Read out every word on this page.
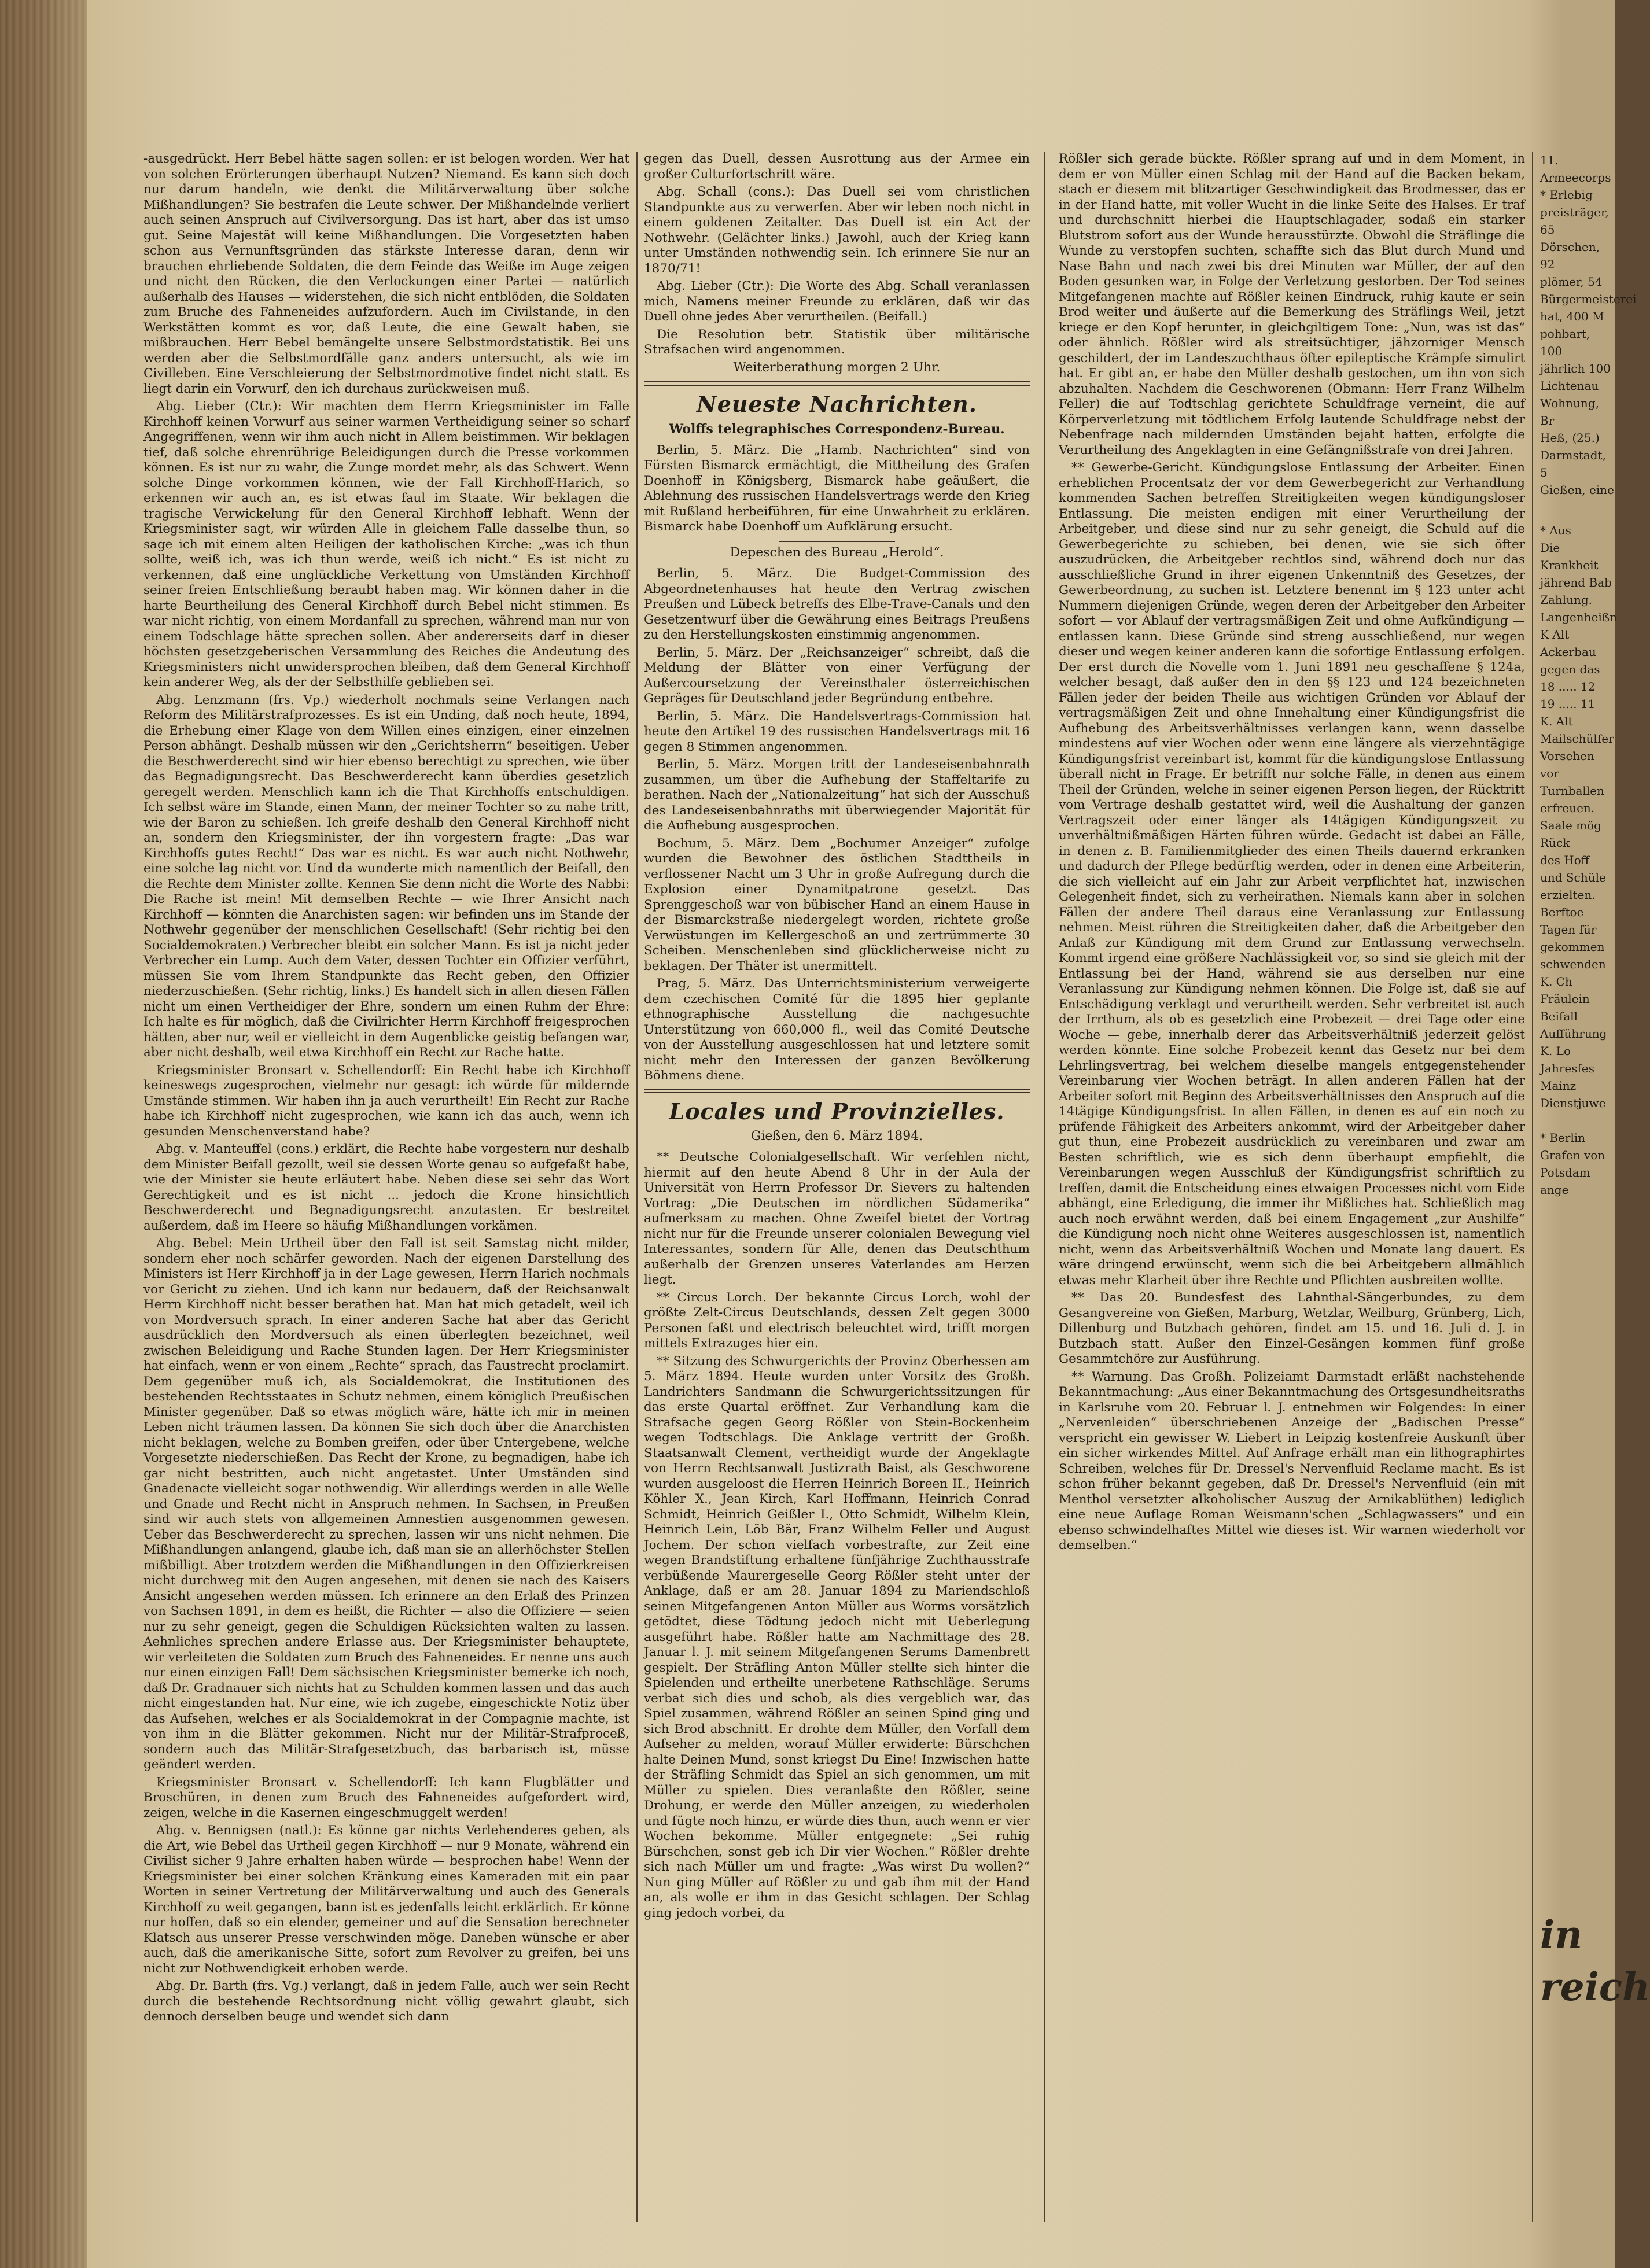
-ausgedrückt. Herr Bebel hätte sagen sollen: er ist belogen worden. Wer hat von solchen Erörterungen überhaupt Nutzen? Niemand. Es kann sich doch nur darum handeln, wie denkt die Militärverwaltung über solche Mißhandlungen? Sie bestrafen die Leute schwer. Der Mißhandelnde verliert auch seinen Anspruch auf Civilversorgung. Das ist hart, aber das ist umso gut. Seine Majestät will keine Mißhandlungen. Die Vorgesetzten haben schon aus Vernunftsgründen das stärkste Interesse daran, denn wir brauchen ehrliebende Soldaten, die dem Feinde das Weiße im Auge zeigen und nicht den Rücken, die den Verlockungen einer Partei — natürlich außerhalb des Hauses — widerstehen, die sich nicht entblöden, die Soldaten zum Bruche des Fahneneides aufzufordern. Auch im Civilstande, in den Werkstätten kommt es vor, daß Leute, die eine Gewalt haben, sie mißbrauchen. Herr Bebel bemängelte unsere Selbstmordstatistik. Bei uns werden aber die Selbstmordfälle ganz anders untersucht, als wie im Civilleben. Eine Verschleierung der Selbstmordmotive findet nicht statt. Es liegt darin ein Vorwurf, den ich durchaus zurückweisen muß.

Abg. Lieber (Ctr.): Wir machten dem Herrn Kriegsminister im Falle Kirchhoff keinen Vorwurf aus seiner warmen Vertheidigung seiner so scharf Angegriffenen, wenn wir ihm auch nicht in Allem beistimmen. Wir beklagen tief, daß solche ehrenrührige Beleidigungen durch die Presse vorkommen können. Es ist nur zu wahr, die Zunge mordet mehr, als das Schwert. Wenn solche Dinge vorkommen können, wie der Fall Kirchhoff-Harich, so erkennen wir auch an, es ist etwas faul im Staate. Wir beklagen die tragische Verwickelung für den General Kirchhoff lebhaft. Wenn der Kriegsminister sagt, wir würden Alle in gleichem Falle dasselbe thun, so sage ich mit einem alten Heiligen der katholischen Kirche: „was ich thun sollte, weiß ich, was ich thun werde, weiß ich nicht.“ Es ist nicht zu verkennen, daß eine unglückliche Verkettung von Umständen Kirchhoff seiner freien Entschließung beraubt haben mag. Wir können daher in die harte Beurtheilung des General Kirchhoff durch Bebel nicht stimmen. Es war nicht richtig, von einem Mordanfall zu sprechen, während man nur von einem Todschlage hätte sprechen sollen. Aber andererseits darf in dieser höchsten gesetzgeberischen Versammlung des Reiches die Andeutung des Kriegsministers nicht unwidersprochen bleiben, daß dem General Kirchhoff kein anderer Weg, als der der Selbsthilfe geblieben sei.

Abg. Lenzmann (frs. Vp.) wiederholt nochmals seine Verlangen nach Reform des Militärstrafprozesses. Es ist ein Unding, daß noch heute, 1894, die Erhebung einer Klage von dem Willen eines einzigen, einer einzelnen Person abhängt. Deshalb müssen wir den „Gerichtsherrn“ beseitigen. Ueber die Beschwerderecht sind wir hier ebenso berechtigt zu sprechen, wie über das Begnadigungsrecht. Das Beschwerderecht kann überdies gesetzlich geregelt werden. Menschlich kann ich die That Kirchhoffs entschuldigen. Ich selbst wäre im Stande, einen Mann, der meiner Tochter so zu nahe tritt, wie der Baron zu schießen. Ich greife deshalb den General Kirchhoff nicht an, sondern den Kriegsminister, der ihn vorgestern fragte: „Das war Kirchhoffs gutes Recht!“ Das war es nicht. Es war auch nicht Nothwehr, eine solche lag nicht vor. Und da wunderte mich namentlich der Beifall, den die Rechte dem Minister zollte. Kennen Sie denn nicht die Worte des Nabbi: Die Rache ist mein! Mit demselben Rechte — wie Ihrer Ansicht nach Kirchhoff — könnten die Anarchisten sagen: wir befinden uns im Stande der Nothwehr gegenüber der menschlichen Gesellschaft! (Sehr richtig bei den Socialdemokraten.) Verbrecher bleibt ein solcher Mann. Es ist ja nicht jeder Verbrecher ein Lump. Auch dem Vater, dessen Tochter ein Offizier verführt, müssen Sie vom Ihrem Standpunkte das Recht geben, den Offizier niederzuschießen. (Sehr richtig, links.) Es handelt sich in allen diesen Fällen nicht um einen Vertheidiger der Ehre, sondern um einen Ruhm der Ehre: Ich halte es für möglich, daß die Civilrichter Herrn Kirchhoff freigesprochen hätten, aber nur, weil er vielleicht in dem Augenblicke geistig befangen war, aber nicht deshalb, weil etwa Kirchhoff ein Recht zur Rache hatte.

Kriegsminister Bronsart v. Schellendorff: Ein Recht habe ich Kirchhoff keineswegs zugesprochen, vielmehr nur gesagt: ich würde für mildernde Umstände stimmen. Wir haben ihn ja auch verurtheilt! Ein Recht zur Rache habe ich Kirchhoff nicht zugesprochen, wie kann ich das auch, wenn ich gesunden Menschenverstand habe?

Abg. v. Manteuffel (cons.) erklärt, die Rechte habe vorgestern nur deshalb dem Minister Beifall gezollt, weil sie dessen Worte genau so aufgefaßt habe, wie der Minister sie heute erläutert habe. Neben diese sei sehr das Wort Gerechtigkeit und es ist nicht ... jedoch die Krone hinsichtlich Beschwerderecht und Begnadigungsrecht anzutasten. Er bestreitet außerdem, daß im Heere so häufig Mißhandlungen vorkämen.

Abg. Bebel: Mein Urtheil über den Fall ist seit Samstag nicht milder, sondern eher noch schärfer geworden. Nach der eigenen Darstellung des Ministers ist Herr Kirchhoff ja in der Lage gewesen, Herrn Harich nochmals vor Gericht zu ziehen. Und ich kann nur bedauern, daß der Reichsanwalt Herrn Kirchhoff nicht besser berathen hat. Man hat mich getadelt, weil ich von Mordversuch sprach. In einer anderen Sache hat aber das Gericht ausdrücklich den Mordversuch als einen überlegten bezeichnet, weil zwischen Beleidigung und Rache Stunden lagen. Der Herr Kriegsminister hat einfach, wenn er von einem „Rechte“ sprach, das Faustrecht proclamirt. Dem gegenüber muß ich, als Socialdemokrat, die Institutionen des bestehenden Rechtsstaates in Schutz nehmen, einem königlich Preußischen Minister gegenüber. Daß so etwas möglich wäre, hätte ich mir in meinen Leben nicht träumen lassen. Da können Sie sich doch über die Anarchisten nicht beklagen, welche zu Bomben greifen, oder über Untergebene, welche Vorgesetzte niederschießen. Das Recht der Krone, zu begnadigen, habe ich gar nicht bestritten, auch nicht angetastet. Unter Umständen sind Gnadenacte vielleicht sogar nothwendig. Wir allerdings werden in alle Welle und Gnade und Recht nicht in Anspruch nehmen. In Sachsen, in Preußen sind wir auch stets von allgemeinen Amnestien ausgenommen gewesen. Ueber das Beschwerderecht zu sprechen, lassen wir uns nicht nehmen. Die Mißhandlungen anlangend, glaube ich, daß man sie an allerhöchster Stellen mißbilligt. Aber trotzdem werden die Mißhandlungen in den Offizierkreisen nicht durchweg mit den Augen angesehen, mit denen sie nach des Kaisers Ansicht angesehen werden müssen. Ich erinnere an den Erlaß des Prinzen von Sachsen 1891, in dem es heißt, die Richter — also die Offiziere — seien nur zu sehr geneigt, gegen die Schuldigen Rücksichten walten zu lassen. Aehnliches sprechen andere Erlasse aus. Der Kriegsminister behauptete, wir verleiteten die Soldaten zum Bruch des Fahneneides. Er nenne uns auch nur einen einzigen Fall! Dem sächsischen Kriegsminister bemerke ich noch, daß Dr. Gradnauer sich nichts hat zu Schulden kommen lassen und das auch nicht eingestanden hat. Nur eine, wie ich zugebe, eingeschickte Notiz über das Aufsehen, welches er als Socialdemokrat in der Compagnie machte, ist von ihm in die Blätter gekommen. Nicht nur der Militär-Strafproceß, sondern auch das Militär-Strafgesetzbuch, das barbarisch ist, müsse geändert werden.

Kriegsminister Bronsart v. Schellendorff: Ich kann Flugblätter und Broschüren, in denen zum Bruch des Fahneneides aufgefordert wird, zeigen, welche in die Kasernen eingeschmuggelt werden!

Abg. v. Bennigsen (natl.): Es könne gar nichts Verlehenderes geben, als die Art, wie Bebel das Urtheil gegen Kirchhoff — nur 9 Monate, während ein Civilist sicher 9 Jahre erhalten haben würde — besprochen habe! Wenn der Kriegsminister bei einer solchen Kränkung eines Kameraden mit ein paar Worten in seiner Vertretung der Militärverwaltung und auch des Generals Kirchhoff zu weit gegangen, bann ist es jedenfalls leicht erklärlich. Er könne nur hoffen, daß so ein elender, gemeiner und auf die Sensation berechneter Klatsch aus unserer Presse verschwinden möge. Daneben wünsche er aber auch, daß die amerikanische Sitte, sofort zum Revolver zu greifen, bei uns nicht zur Nothwendigkeit erhoben werde.

Abg. Dr. Barth (frs. Vg.) verlangt, daß in jedem Falle, auch wer sein Recht durch die bestehende Rechtsordnung nicht völlig gewahrt glaubt, sich dennoch derselben beuge und wendet sich dann

gegen das Duell, dessen Ausrottung aus der Armee ein großer Culturfortschritt wäre.

Abg. Schall (cons.): Das Duell sei vom christlichen Standpunkte aus zu verwerfen. Aber wir leben noch nicht in einem goldenen Zeitalter. Das Duell ist ein Act der Nothwehr. (Gelächter links.) Jawohl, auch der Krieg kann unter Umständen nothwendig sein. Ich erinnere Sie nur an 1870/71!

Abg. Lieber (Ctr.): Die Worte des Abg. Schall veranlassen mich, Namens meiner Freunde zu erklären, daß wir das Duell ohne jedes Aber verurtheilen. (Beifall.)

Die Resolution betr. Statistik über militärische Strafsachen wird angenommen.

Weiterberathung morgen 2 Uhr.

Neueste Nachrichten.
Wolffs telegraphisches Correspondenz-Bureau.

Berlin, 5. März. Die „Hamb. Nachrichten“ sind von Fürsten Bismarck ermächtigt, die Mittheilung des Grafen Doenhoff in Königsberg, Bismarck habe geäußert, die Ablehnung des russischen Handelsvertrags werde den Krieg mit Rußland herbeiführen, für eine Unwahrheit zu erklären. Bismarck habe Doenhoff um Aufklärung ersucht.

Depeschen des Bureau „Herold“.

Berlin, 5. März. Die Budget-Commission des Abgeordnetenhauses hat heute den Vertrag zwischen Preußen und Lübeck betreffs des Elbe-Trave-Canals und den Gesetzentwurf über die Gewährung eines Beitrags Preußens zu den Herstellungskosten einstimmig angenommen.

Berlin, 5. März. Der „Reichsanzeiger“ schreibt, daß die Meldung der Blätter von einer Verfügung der Außercoursetzung der Vereinsthaler österreichischen Gepräges für Deutschland jeder Begründung entbehre.

Berlin, 5. März. Die Handelsvertrags-Commission hat heute den Artikel 19 des russischen Handelsvertrags mit 16 gegen 8 Stimmen angenommen.

Berlin, 5. März. Morgen tritt der Landeseisenbahnrath zusammen, um über die Aufhebung der Staffeltarife zu berathen. Nach der „Nationalzeitung“ hat sich der Ausschuß des Landeseisenbahnraths mit überwiegender Majorität für die Aufhebung ausgesprochen.

Bochum, 5. März. Dem „Bochumer Anzeiger“ zufolge wurden die Bewohner des östlichen Stadttheils in verflossener Nacht um 3 Uhr in große Aufregung durch die Explosion einer Dynamitpatrone gesetzt. Das Sprenggeschoß war von bübischer Hand an einem Hause in der Bismarckstraße niedergelegt worden, richtete große Verwüstungen im Kellergeschoß an und zertrümmerte 30 Scheiben. Menschenleben sind glücklicherweise nicht zu beklagen. Der Thäter ist unermittelt.

Prag, 5. März. Das Unterrichtsministerium verweigerte dem czechischen Comité für die 1895 hier geplante ethnographische Ausstellung die nachgesuchte Unterstützung von 660,000 fl., weil das Comité Deutsche von der Ausstellung ausgeschlossen hat und letztere somit nicht mehr den Interessen der ganzen Bevölkerung Böhmens diene.

Locales und Provinzielles.
Gießen, den 6. März 1894.

** Deutsche Colonialgesellschaft. Wir verfehlen nicht, hiermit auf den heute Abend 8 Uhr in der Aula der Universität von Herrn Professor Dr. Sievers zu haltenden Vortrag: „Die Deutschen im nördlichen Südamerika“ aufmerksam zu machen. Ohne Zweifel bietet der Vortrag nicht nur für die Freunde unserer colonialen Bewegung viel Interessantes, sondern für Alle, denen das Deutschthum außerhalb der Grenzen unseres Vaterlandes am Herzen liegt.

** Circus Lorch. Der bekannte Circus Lorch, wohl der größte Zelt-Circus Deutschlands, dessen Zelt gegen 3000 Personen faßt und electrisch beleuchtet wird, trifft morgen mittels Extrazuges hier ein.

** Sitzung des Schwurgerichts der Provinz Oberhessen am 5. März 1894. Heute wurden unter Vorsitz des Großh. Landrichters Sandmann die Schwurgerichtssitzungen für das erste Quartal eröffnet. Zur Verhandlung kam die Strafsache gegen Georg Rößler von Stein-Bockenheim wegen Todtschlags. Die Anklage vertritt der Großh. Staatsanwalt Clement, vertheidigt wurde der Angeklagte von Herrn Rechtsanwalt Justizrath Baist, als Geschworene wurden ausgeloost die Herren Heinrich Boreen II., Heinrich Köhler X., Jean Kirch, Karl Hoffmann, Heinrich Conrad Schmidt, Heinrich Geißler I., Otto Schmidt, Wilhelm Klein, Heinrich Lein, Löb Bär, Franz Wilhelm Feller und August Jochem. Der schon vielfach vorbestrafte, zur Zeit eine wegen Brandstiftung erhaltene fünfjährige Zuchthausstrafe verbüßende Maurergeselle Georg Rößler steht unter der Anklage, daß er am 28. Januar 1894 zu Mariendschloß seinen Mitgefangenen Anton Müller aus Worms vorsätzlich getödtet, diese Tödtung jedoch nicht mit Ueberlegung ausgeführt habe. Rößler hatte am Nachmittage des 28. Januar l. J. mit seinem Mitgefangenen Serums Damenbrett gespielt. Der Sträfling Anton Müller stellte sich hinter die Spielenden und ertheilte unerbetene Rathschläge. Serums verbat sich dies und schob, als dies vergeblich war, das Spiel zusammen, während Rößler an seinen Spind ging und sich Brod abschnitt. Er drohte dem Müller, den Vorfall dem Aufseher zu melden, worauf Müller erwiderte: Bürschchen halte Deinen Mund, sonst kriegst Du Eine! Inzwischen hatte der Sträfling Schmidt das Spiel an sich genommen, um mit Müller zu spielen. Dies veranlaßte den Rößler, seine Drohung, er werde den Müller anzeigen, zu wiederholen und fügte noch hinzu, er würde dies thun, auch wenn er vier Wochen bekomme. Müller entgegnete: „Sei ruhig Bürschchen, sonst geb ich Dir vier Wochen.“ Rößler drehte sich nach Müller um und fragte: „Was wirst Du wollen?“ Nun ging Müller auf Rößler zu und gab ihm mit der Hand an, als wolle er ihm in das Gesicht schlagen. Der Schlag ging jedoch vorbei, da

Rößler sich gerade bückte. Rößler sprang auf und in dem Moment, in dem er von Müller einen Schlag mit der Hand auf die Backen bekam, stach er diesem mit blitzartiger Geschwindigkeit das Brodmesser, das er in der Hand hatte, mit voller Wucht in die linke Seite des Halses. Er traf und durchschnitt hierbei die Hauptschlagader, sodaß ein starker Blutstrom sofort aus der Wunde herausstürzte. Obwohl die Sträflinge die Wunde zu verstopfen suchten, schaffte sich das Blut durch Mund und Nase Bahn und nach zwei bis drei Minuten war Müller, der auf den Boden gesunken war, in Folge der Verletzung gestorben. Der Tod seines Mitgefangenen machte auf Rößler keinen Eindruck, ruhig kaute er sein Brod weiter und äußerte auf die Bemerkung des Sträflings Weil, jetzt kriege er den Kopf herunter, in gleichgiltigem Tone: „Nun, was ist das“ oder ähnlich. Rößler wird als streitsüchtiger, jähzorniger Mensch geschildert, der im Landeszuchthaus öfter epileptische Krämpfe simulirt hat. Er gibt an, er habe den Müller deshalb gestochen, um ihn von sich abzuhalten. Nachdem die Geschworenen (Obmann: Herr Franz Wilhelm Feller) die auf Todtschlag gerichtete Schuldfrage verneint, die auf Körperverletzung mit tödtlichem Erfolg lautende Schuldfrage nebst der Nebenfrage nach mildernden Umständen bejaht hatten, erfolgte die Verurtheilung des Angeklagten in eine Gefängnißstrafe von drei Jahren.

** Gewerbe-Gericht. Kündigungslose Entlassung der Arbeiter. Einen erheblichen Procentsatz der vor dem Gewerbegericht zur Verhandlung kommenden Sachen betreffen Streitigkeiten wegen kündigungsloser Entlassung. Die meisten endigen mit einer Verurtheilung der Arbeitgeber, und diese sind nur zu sehr geneigt, die Schuld auf die Gewerbegerichte zu schieben, bei denen, wie sie sich öfter auszudrücken, die Arbeitgeber rechtlos sind, während doch nur das ausschließliche Grund in ihrer eigenen Unkenntniß des Gesetzes, der Gewerbeordnung, zu suchen ist. Letztere benennt im § 123 unter acht Nummern diejenigen Gründe, wegen deren der Arbeitgeber den Arbeiter sofort — vor Ablauf der vertragsmäßigen Zeit und ohne Aufkündigung — entlassen kann. Diese Gründe sind streng ausschließend, nur wegen dieser und wegen keiner anderen kann die sofortige Entlassung erfolgen. Der erst durch die Novelle vom 1. Juni 1891 neu geschaffene § 124a, welcher besagt, daß außer den in den §§ 123 und 124 bezeichneten Fällen jeder der beiden Theile aus wichtigen Gründen vor Ablauf der vertragsmäßigen Zeit und ohne Innehaltung einer Kündigungsfrist die Aufhebung des Arbeitsverhältnisses verlangen kann, wenn dasselbe mindestens auf vier Wochen oder wenn eine längere als vierzehntägige Kündigungsfrist vereinbart ist, kommt für die kündigungslose Entlassung überall nicht in Frage. Er betrifft nur solche Fälle, in denen aus einem Theil der Gründen, welche in seiner eigenen Person liegen, der Rücktritt vom Vertrage deshalb gestattet wird, weil die Aushaltung der ganzen Vertragszeit oder einer länger als 14tägigen Kündigungszeit zu unverhältnißmäßigen Härten führen würde. Gedacht ist dabei an Fälle, in denen z. B. Familienmitglieder des einen Theils dauernd erkranken und dadurch der Pflege bedürftig werden, oder in denen eine Arbeiterin, die sich vielleicht auf ein Jahr zur Arbeit verpflichtet hat, inzwischen Gelegenheit findet, sich zu verheirathen. Niemals kann aber in solchen Fällen der andere Theil daraus eine Veranlassung zur Entlassung nehmen. Meist rühren die Streitigkeiten daher, daß die Arbeitgeber den Anlaß zur Kündigung mit dem Grund zur Entlassung verwechseln. Kommt irgend eine größere Nachlässigkeit vor, so sind sie gleich mit der Entlassung bei der Hand, während sie aus derselben nur eine Veranlassung zur Kündigung nehmen können. Die Folge ist, daß sie auf Entschädigung verklagt und verurtheilt werden. Sehr verbreitet ist auch der Irrthum, als ob es gesetzlich eine Probezeit — drei Tage oder eine Woche — gebe, innerhalb derer das Arbeitsverhältniß jederzeit gelöst werden könnte. Eine solche Probezeit kennt das Gesetz nur bei dem Lehrlingsvertrag, bei welchem dieselbe mangels entgegenstehender Vereinbarung vier Wochen beträgt. In allen anderen Fällen hat der Arbeiter sofort mit Beginn des Arbeitsverhältnisses den Anspruch auf die 14tägige Kündigungsfrist. In allen Fällen, in denen es auf ein noch zu prüfende Fähigkeit des Arbeiters ankommt, wird der Arbeitgeber daher gut thun, eine Probezeit ausdrücklich zu vereinbaren und zwar am Besten schriftlich, wie es sich denn überhaupt empfiehlt, die Vereinbarungen wegen Ausschluß der Kündigungsfrist schriftlich zu treffen, damit die Entscheidung eines etwaigen Processes nicht vom Eide abhängt, eine Erledigung, die immer ihr Mißliches hat. Schließlich mag auch noch erwähnt werden, daß bei einem Engagement „zur Aushilfe“ die Kündigung noch nicht ohne Weiteres ausgeschlossen ist, namentlich nicht, wenn das Arbeitsverhältniß Wochen und Monate lang dauert. Es wäre dringend erwünscht, wenn sich die bei Arbeitgebern allmählich etwas mehr Klarheit über ihre Rechte und Pflichten ausbreiten wollte.

** Das 20. Bundesfest des Lahnthal-Sängerbundes, zu dem Gesangvereine von Gießen, Marburg, Wetzlar, Weilburg, Grünberg, Lich, Dillenburg und Butzbach gehören, findet am 15. und 16. Juli d. J. in Butzbach statt. Außer den Einzel-Gesängen kommen fünf große Gesammtchöre zur Ausführung.

** Warnung. Das Großh. Polizeiamt Darmstadt erläßt nachstehende Bekanntmachung: „Aus einer Bekanntmachung des Ortsgesundheitsraths in Karlsruhe vom 20. Februar l. J. entnehmen wir Folgendes: In einer „Nervenleiden“ überschriebenen Anzeige der „Badischen Presse“ verspricht ein gewisser W. Liebert in Leipzig kostenfreie Auskunft über ein sicher wirkendes Mittel. Auf Anfrage erhält man ein lithographirtes Schreiben, welches für Dr. Dressel's Nervenfluid Reclame macht. Es ist schon früher bekannt gegeben, daß Dr. Dressel's Nervenfluid (ein mit Menthol versetzter alkoholischer Auszug der Arnikablüthen) lediglich eine neue Auflage Roman Weismann'schen „Schlagwassers“ und ein ebenso schwindelhaftes Mittel wie dieses ist. Wir warnen wiederholt vor demselben.“

11. Armeecorps
* Erlebig
preisträger, 65
Dörschen, 92
plömer, 54
Bürgermeisterei
hat, 400 M
pohbart, 100
jährlich 100
Lichtenau
Wohnung, Br
Heß, (25.)
Darmstadt, 5
Gießen, eine
* Aus
Die Krankheit
jährend Bab
Zahlung.
Langenheißn
K Alt
Ackerbau
gegen das
18 ..... 12
19 ..... 11
K. Alt
Mailschülfer
Vorsehen vor
Turnballen
erfreuen.
Saale mög
Rück
des Hoff
und Schüle
erzielten.
Berftoe
Tagen für
gekommen
schwenden
K. Ch
Fräulein
Beifall
Aufführung
K. Lo
Jahresfes
Mainz
Dienstjuwe
* Berlin
Grafen von
Potsdam ange
in reich
